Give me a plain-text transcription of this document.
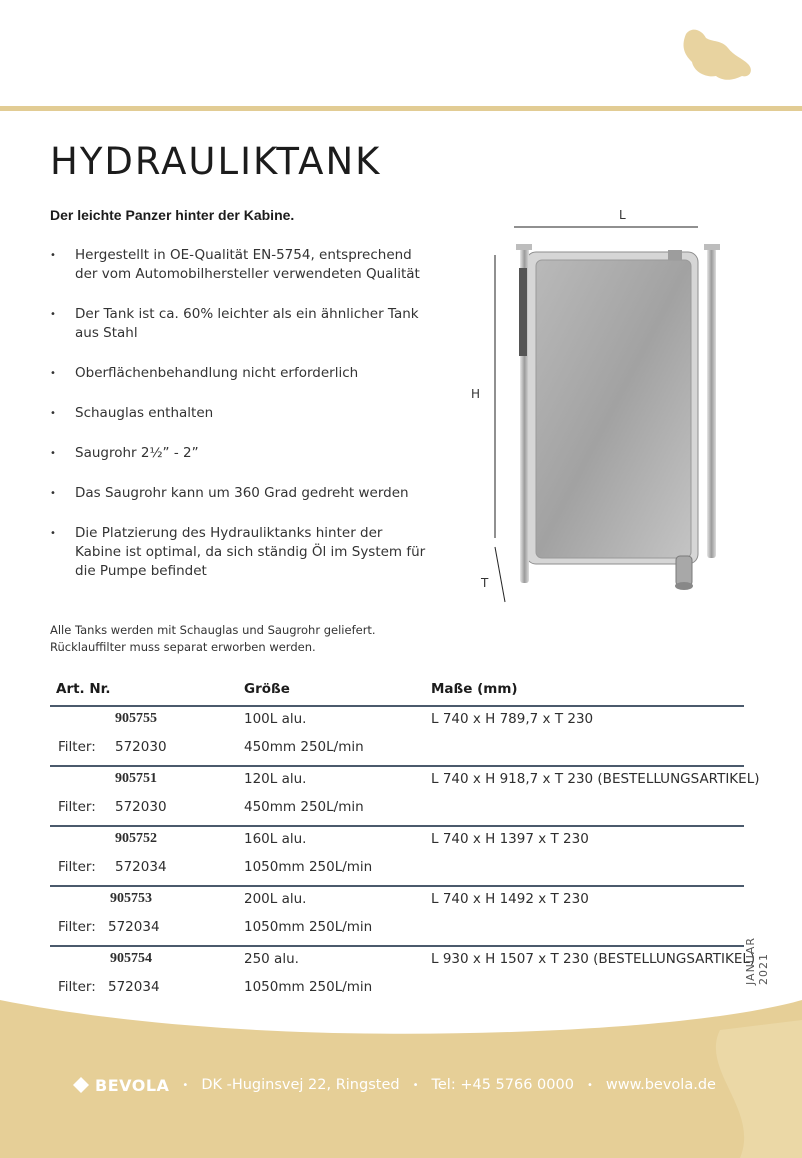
HYDRAULIKTANK
Der leichte Panzer hinter der Kabine.
• Hergestellt in OE-Qualität EN-5754, entsprechend
der vom Automobilhersteller verwendeten Qualität
• Der Tank ist ca. 60% leichter als ein ähnlicher Tank
aus Stahl
• Oberflächenbehandlung nicht erforderlich
• Schauglas enthalten
• Saugrohr 2½” - 2”
• Das Saugrohr kann um 360 Grad gedreht werden
• Die Platzierung des Hydrauliktanks hinter der
Kabine ist optimal, da sich ständig Öl im System für
die Pumpe befindet
Alle Tanks werden mit Schauglas und Saugrohr geliefert.
Rücklauffilter muss separat erworben werden.
L
H
T
Art. Nr.	Größe	Maße (mm)
905755	100L alu.	L 740 x H 789,7 x T 230
Filter: 572030	450mm 250L/min
905751	120L alu.	L 740 x H 918,7 x T 230 (BESTELLUNGSARTIKEL)
Filter: 572030	450mm 250L/min
905752	160L alu.	L 740 x H 1397 x T 230
Filter: 572034	1050mm 250L/min
905753	200L alu.	L 740 x H 1492 x T 230
Filter: 572034	1050mm 250L/min
905754	250 alu.	L 930 x H 1507 x T 230 (BESTELLUNGSARTIKEL)
Filter: 572034	1050mm 250L/min
JANUAR 2021
BEVOLA • DK -Huginsvej 22, Ringsted • Tel: +45 5766 0000 • www.bevola.de
